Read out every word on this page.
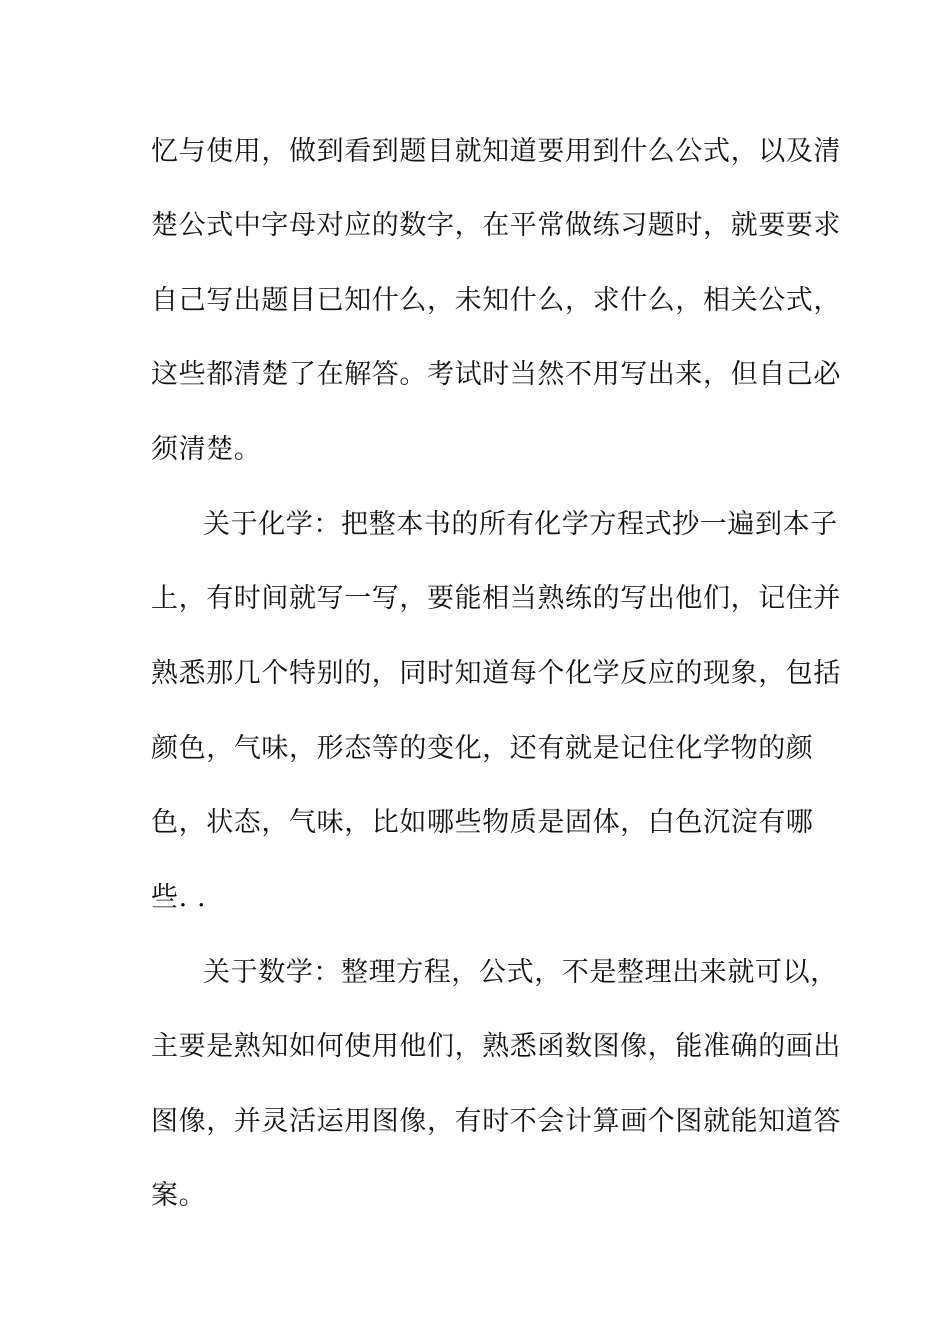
忆与使用，做到看到题目就知道要用到什么公式，以及清
楚公式中字母对应的数字，在平常做练习题时，就要要求
自己写出题目已知什么，未知什么，求什么，相关公式，
这些都清楚了在解答。考试时当然不用写出来，但自己必
须清楚。
关于化学：把整本书的所有化学方程式抄一遍到本子
上，有时间就写一写，要能相当熟练的写出他们，记住并
熟悉那几个特别的，同时知道每个化学反应的现象，包括
颜色，气味，形态等的变化，还有就是记住化学物的颜
色，状态，气味，比如哪些物质是固体，白色沉淀有哪
些. .
关于数学：整理方程，公式，不是整理出来就可以，
主要是熟知如何使用他们，熟悉函数图像，能准确的画出
图像，并灵活运用图像，有时不会计算画个图就能知道答
案。
